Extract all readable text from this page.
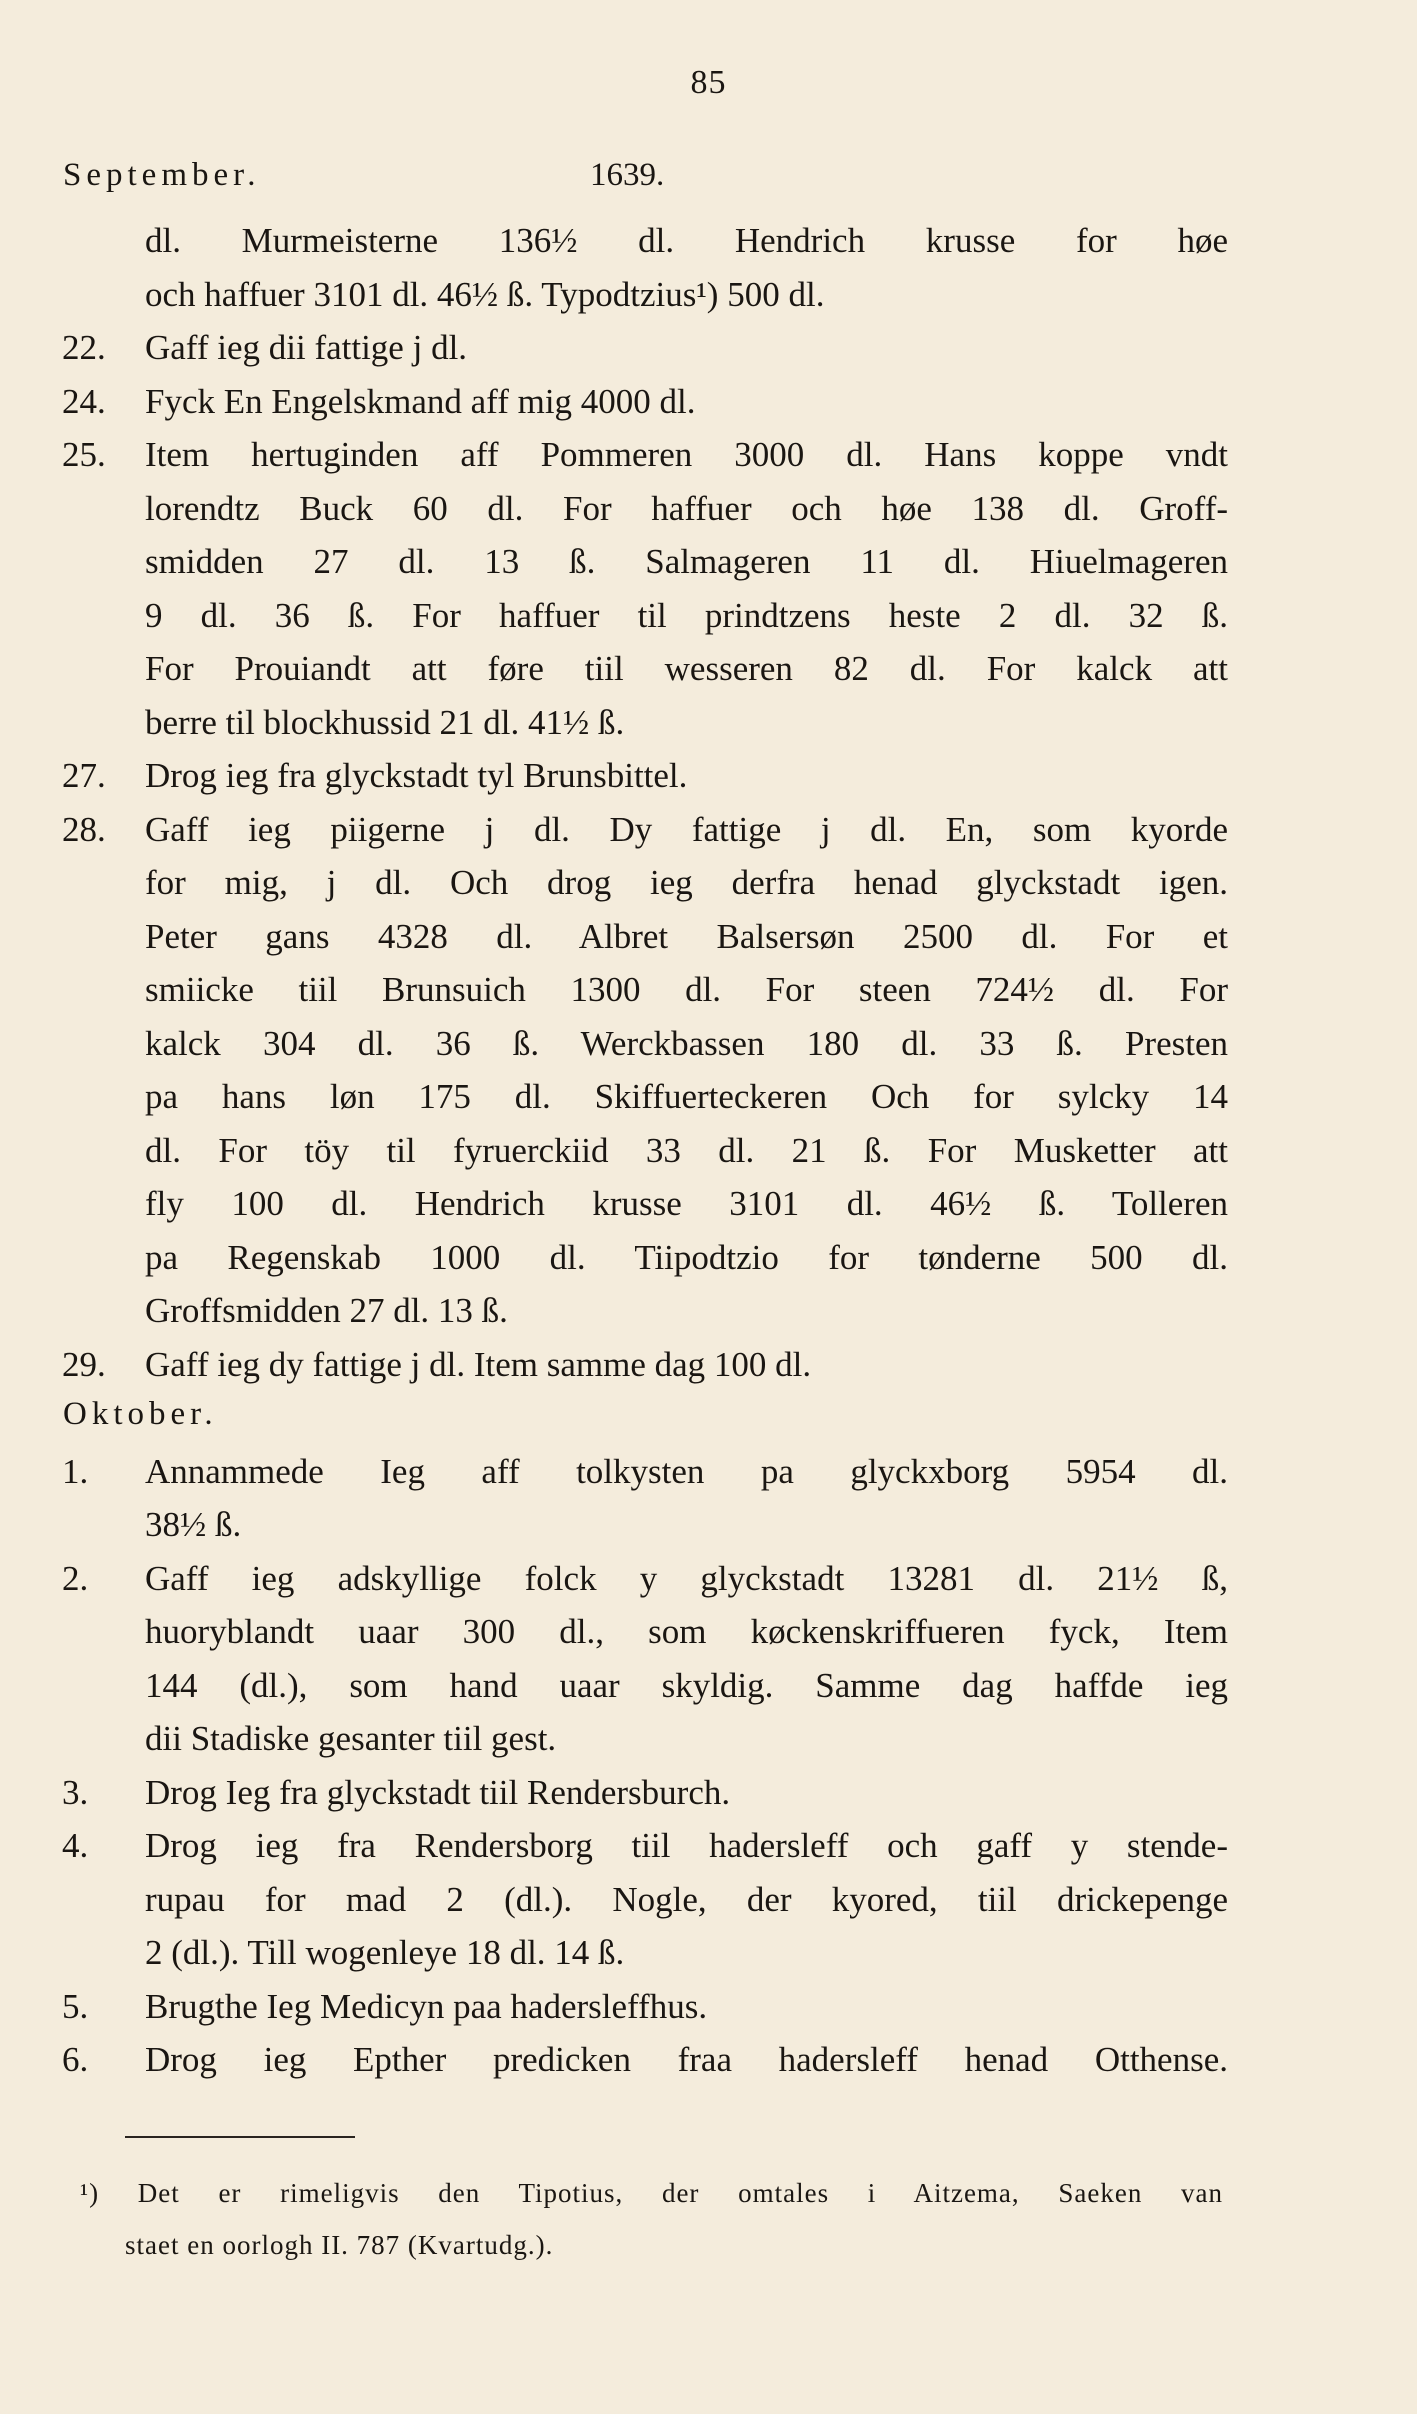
85
September.	1639.
dl. Murmeisterne 136½ dl. Hendrich krusse for høe
och haffuer 3101 dl. 46½ ß. Typodtzius¹) 500 dl.
22. Gaff ieg dii fattige j dl.
24. Fyck En Engelskmand aff mig 4000 dl.
25. Item hertuginden aff Pommeren 3000 dl. Hans koppe vndt
lorendtz Buck 60 dl. For haffuer och høe 138 dl. Groff-
smidden 27 dl. 13 ß. Salmageren 11 dl. Hiuelmageren
9 dl. 36 ß. For haffuer til prindtzens heste 2 dl. 32 ß.
For Prouiandt att føre tiil wesseren 82 dl. For kalck att
berre til blockhussid 21 dl. 41½ ß.
27. Drog ieg fra glyckstadt tyl Brunsbittel.
28. Gaff ieg piigerne j dl. Dy fattige j dl. En, som kyorde
for mig, j dl. Och drog ieg derfra henad glyckstadt igen.
Peter gans 4328 dl. Albret Balsersøn 2500 dl. For et
smiicke tiil Brunsuich 1300 dl. For steen 724½ dl. For
kalck 304 dl. 36 ß. Werckbassen 180 dl. 33 ß. Presten
pa hans løn 175 dl. Skiffuerteckeren Och for sylcky 14
dl. For töy til fyruerckiid 33 dl. 21 ß. For Musketter att
fly 100 dl. Hendrich krusse 3101 dl. 46½ ß. Tolleren
pa Regenskab 1000 dl. Tiipodtzio for tønderne 500 dl.
Groffsmidden 27 dl. 13 ß.
29. Gaff ieg dy fattige j dl. Item samme dag 100 dl.
1.	Annammede Ieg aff tolkysten pa glyckxborg 5954 dl.
38½ ß.
2.	Gaff ieg adskyllige folck y glyckstadt 13281 dl. 21½ ß,
huoryblandt uaar 300 dl., som køckenskriffueren fyck, Item
144 (dl.), som hand uaar skyldig. Samme dag haffde ieg
dii Stadiske gesanter tiil gest.
3.	Drog Ieg fra glyckstadt tiil Rendersburch.
4.	Drog ieg fra Rendersborg tiil hadersleff och gaff y stende-
rupau for mad 2 (dl.). Nogle, der kyored, tiil drickepenge
2 (dl.). Till wogenleye 18 dl. 14 ß.
5.	Brugthe Ieg Medicyn paa hadersleffhus.
6.	Drog ieg Epther predicken fraa hadersleff henad Otthense.
Oktober.
¹) Det er rimeligvis den Tipotius, der omtales i Aitzema, Saeken van
staet en oorlogh II. 787 (Kvartudg.).
